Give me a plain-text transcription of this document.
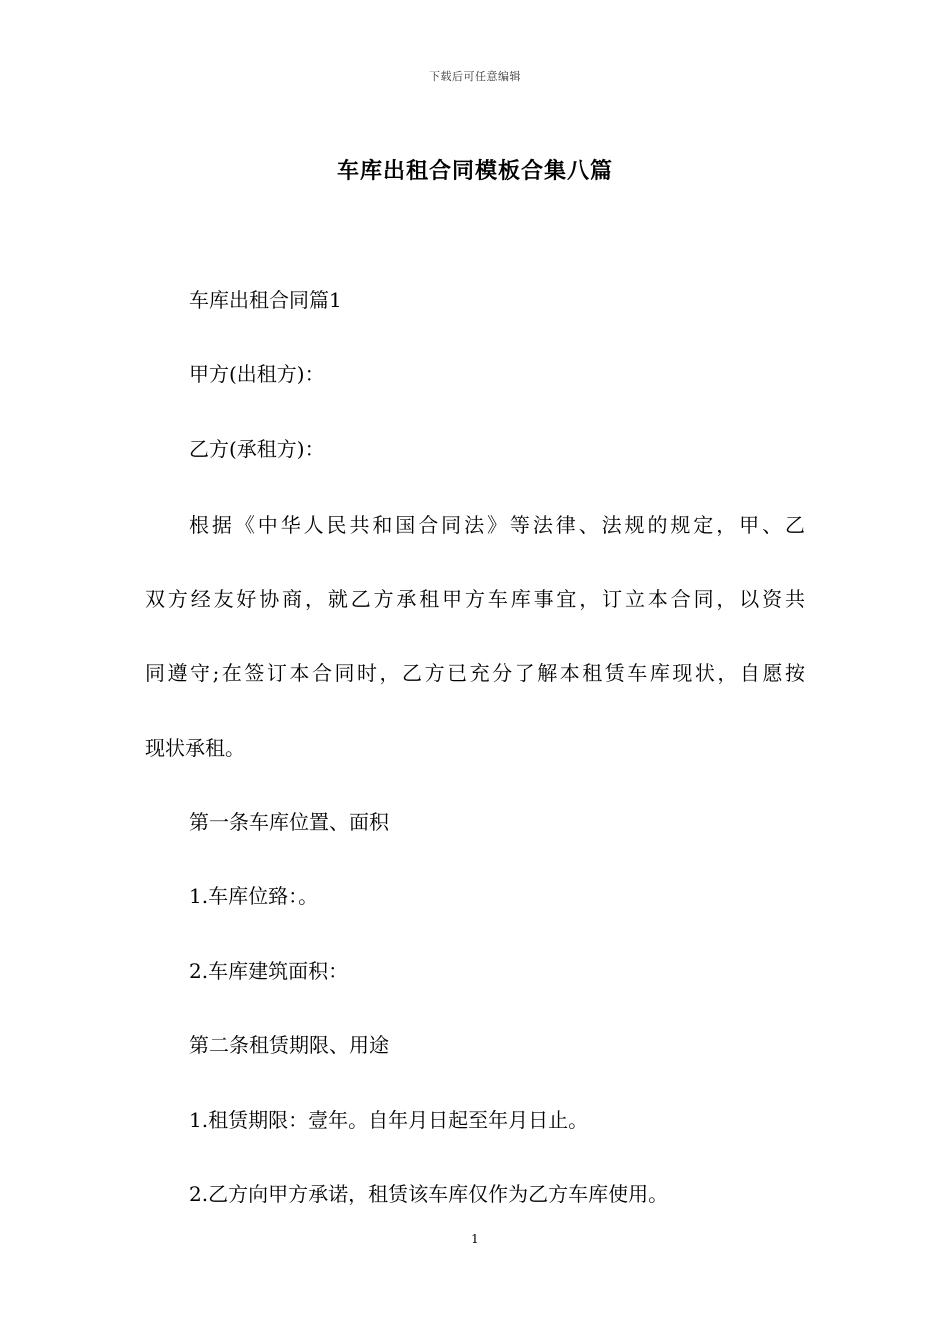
下载后可任意编辑
车库出租合同模板合集八篇
车库出租合同篇1
甲方(出租方)：
乙方(承租方)：
根据《中华人民共和国合同法》等法律、法规的规定，甲、乙
双方经友好协商，就乙方承租甲方车库事宜，订立本合同，以资共
同遵守;在签订本合同时，乙方已充分了解本租赁车库现状，自愿按
现状承租。
第一条车库位置、面积
1.车库位臵：。
2.车库建筑面积：
第二条租赁期限、用途
1.租赁期限：壹年。自年月日起至年月日止。
2.乙方向甲方承诺，租赁该车库仅作为乙方车库使用。
1
